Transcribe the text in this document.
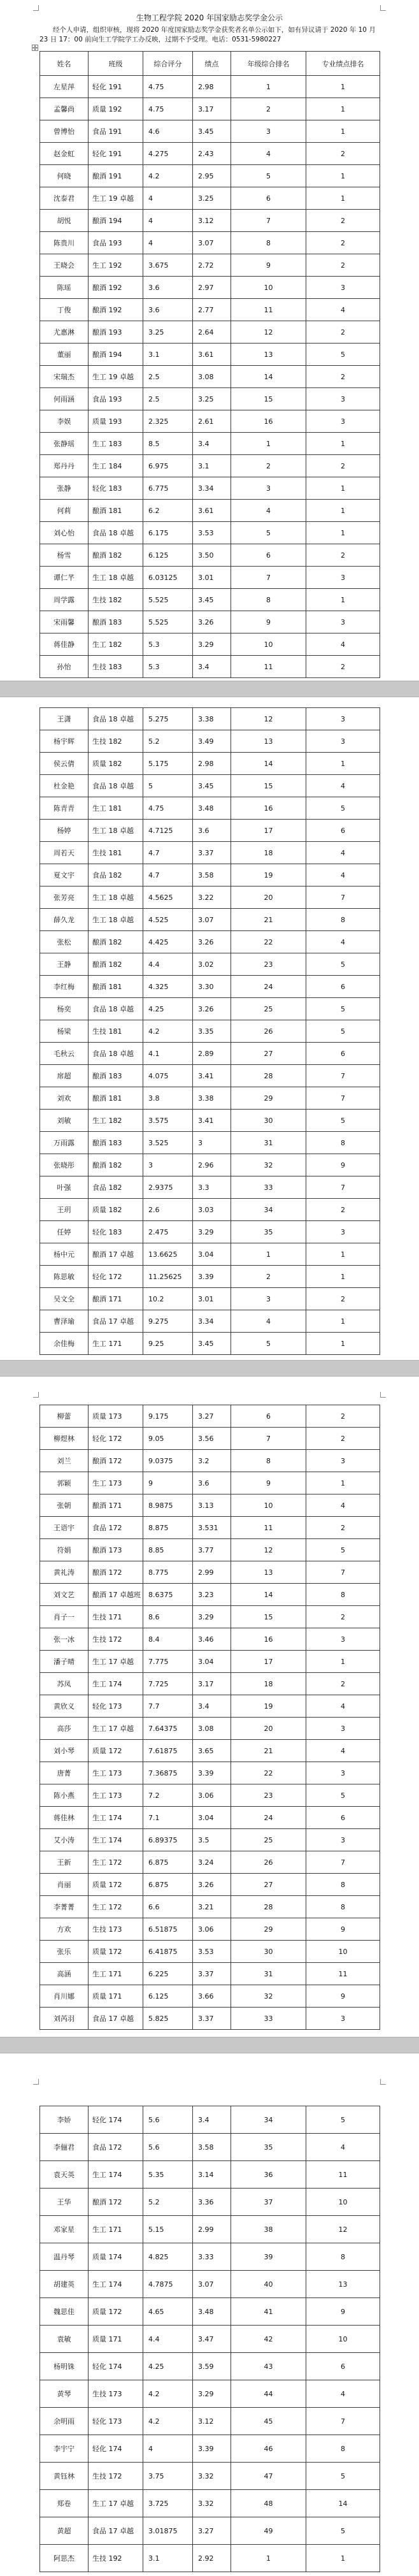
生物工程学院 2020 年国家励志奖学金公示
经个人申请，组织审核，现将 2020 年度国家励志奖学金获奖者名单公示如下，如有异议请于 2020 年 10 月 23 日 17：00 前向生工学院学工办反映，过期不予受理。电话：0531-5980227
姓名	班级	综合评分	绩点	年级综合排名	专业绩点排名
左星萍	轻化 191	4.75	2.98	1	1
孟馨尚	质量 192	4.75	3.17	2	1
曾博怡	食品 191	4.6	3.45	3	1
赵金虹	轻化 191	4.275	2.43	4	2
何晓	酿酒 191	4.2	2.95	5	1
沈泰君	生工 19 卓越	4	3.25	6	1
胡悦	酿酒 194	4	3.12	7	2
陈贵川	食品 193	4	3.07	8	2
王晓会	生工 192	3.675	2.72	9	2
陈瑶	酿酒 192	3.6	2.97	10	3
丁俊	酿酒 192	3.6	2.77	11	4
尤惠淋	酿酒 193	3.25	2.64	12	2
董丽	酿酒 194	3.1	3.61	13	5
宋瑞杰	生工 19 卓越	2.5	3.08	14	2
何雨涵	食品 193	2.5	3.25	15	3
李娱	质量 193	2.325	2.61	16	3
张静瑶	生工 183	8.5	3.4	1	1
郑丹丹	生工 184	6.975	3.1	2	2
张静	轻化 183	6.775	3.34	3	1
何莉	酿酒 181	6.2	3.61	4	1
刘心怡	食品 18 卓越	6.175	3.53	5	1
杨雪	酿酒 182	6.125	3.50	6	2
谭仁芊	生工 18 卓越	6.03125	3.01	7	3
周学露	生技 182	5.525	3.45	8	1
宋雨馨	酿酒 183	5.525	3.26	9	3
蒋佳静	生工 182	5.3	3.29	10	4
孙怡	生技 183	5.3	3.4	11	2
王潇	食品 18 卓越	5.275	3.38	12	3
杨宇辉	生技 182	5.2	3.49	13	3
侯云倩	质量 182	5.175	2.98	14	1
杜金艳	食品 18 卓越	5	3.45	15	4
陈青青	生工 181	4.75	3.48	16	5
杨婷	生工 18 卓越	4.7125	3.6	17	6
周若天	生技 181	4.7	3.37	18	4
夏文宇	食品 182	4.7	3.58	19	4
张芳亮	生工 18 卓越	4.5625	3.22	20	7
薛久龙	生工 18 卓越	4.525	3.07	21	8
张松	酿酒 182	4.425	3.26	22	4
王静	酿酒 182	4.4	3.02	23	5
李红梅	酿酒 181	4.325	3.30	24	6
杨奕	食品 18 卓越	4.25	3.26	25	5
杨梁	生技 181	4.2	3.35	26	5
毛秋云	食品 18 卓越	4.1	2.89	27	6
席超	酿酒 183	4.075	3.41	28	7
刘欢	酿酒 181	3.8	3.38	29	7
刘敏	生工 182	3.575	3.41	30	5
万雨露	酿酒 183	3.525	3	31	8
张晓彤	酿酒 182	3	2.96	32	9
叶强	食品 182	2.9375	3.3	33	7
王玥	质量 182	2.6	3.03	34	2
任婷	轻化 183	2.475	3.29	35	3
杨中元	酿酒 17 卓越	13.6625	3.04	1	1
陈思敏	轻化 172	11.25625	3.39	2	1
吴文全	酿酒 171	10.2	3.01	3	2
曹泽瑜	食品 17 卓越	9.275	3.34	4	1
余佳梅	生工 171	9.25	3.45	5	1
柳蕾	质量 173	9.175	3.27	6	2
柳煜林	轻化 172	9.05	3.56	7	2
刘兰	酿酒 172	9.0375	3.2	8	3
郭颖	生工 173	9	3.6	9	1
张朝	酿酒 171	8.9875	3.13	10	4
王语宇	食品 172	8.875	3.531	11	2
符娟	酿酒 173	8.85	3.77	12	5
黄礼涛	酿酒 172	8.775	2.99	13	7
刘文艺	酿酒 17 卓越班	8.6375	3.23	14	8
肖子一	生技 171	8.6	3.29	15	2
张一冰	生技 172	8.4	3.46	16	3
潘子晴	生工 17 卓越	7.775	3.04	17	1
苏凤	生工 174	7.725	3.17	18	2
黄欣义	轻化 173	7.7	3.4	19	4
高莎	生工 17 卓越	7.64375	3.08	20	3
刘小琴	质量 172	7.61875	3.65	21	4
唐菁	生工 173	7.36875	3.39	22	3
陈小燕	生工 173	7.2	3.06	23	5
蒋佳林	生工 174	7.1	3.04	24	6
艾小涛	生工 174	6.89375	3.5	25	3
王新	生工 172	6.875	3.24	26	7
肖丽	质量 172	6.875	3.26	27	8
李菁菁	生工 172	6.6	3.21	28	8
方欢	生技 173	6.51875	3.06	29	9
张乐	质量 172	6.41875	3.53	30	10
高涵	生工 171	6.225	3.37	31	11
肖川娜	质量 171	6.125	3.66	32	9
刘芮羽	食品 17 卓越	5.825	3.37	33	3
李娇	轻化 174	5.6	3.4	34	5
李俪君	食品 172	5.6	3.58	35	4
袁天英	生工 174	5.35	3.14	36	11
王华	酿酒 172	5.2	3.36	37	10
邓家星	生工 171	5.15	2.99	38	12
温丹琴	质量 174	4.825	3.33	39	8
胡建英	生工 174	4.7875	3.07	40	13
魏思佳	质量 172	4.65	3.48	41	9
袁敏	质量 171	4.4	3.47	42	10
杨明铢	轻化 174	4.25	3.59	43	6
黄琴	生技 173	4.2	3.29	44	4
余明雨	轻化 173	4.2	3.12	45	7
李宇宁	轻化 174	4	3.39	46	8
黄钰林	生技 172	3.75	3.32	47	5
郑卷	生工 17 卓越	3.725	3.32	48	14
黄超	食品 17 卓越	3.01875	3.27	49	5
阿思杰	生技 192	3.1	2.92	1	1
